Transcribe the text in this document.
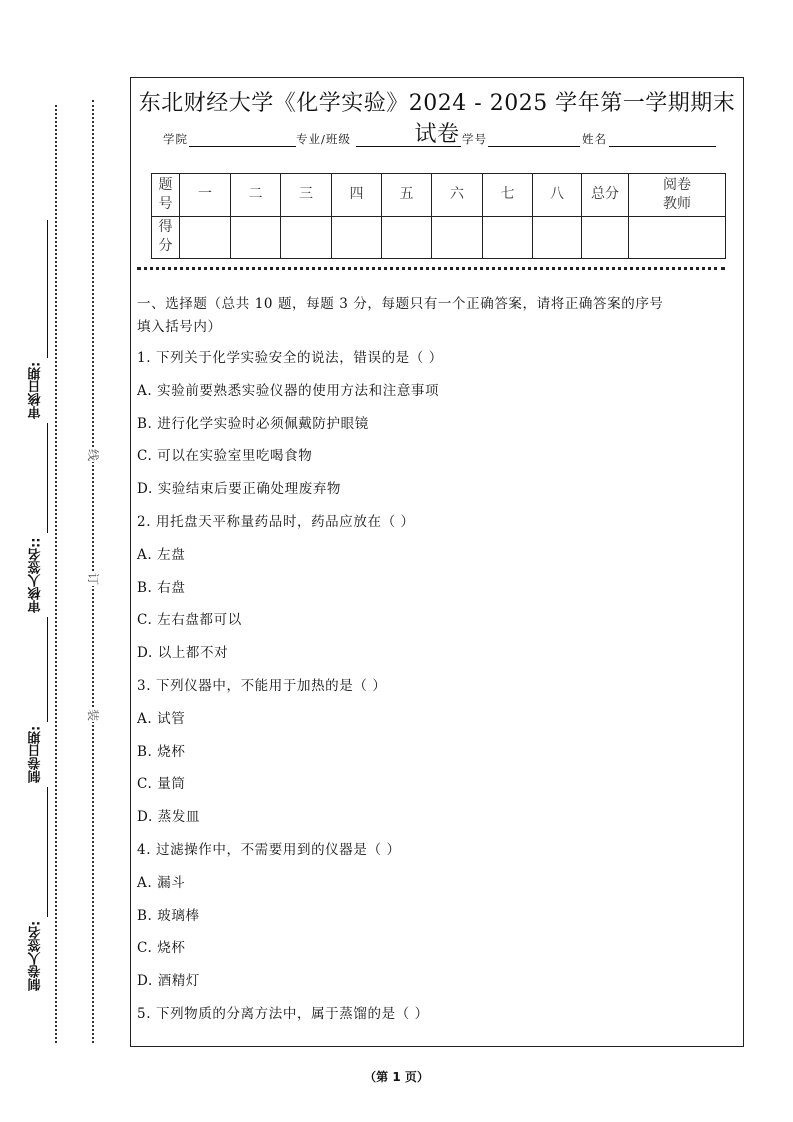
线
订
装
制卷人签名:
制卷日期:
审核人签名::
审核日期:
东北财经大学《化学实验》2024 - 2025 学年第一学期期末试卷
学院	专业/班级	学号	姓名
题
号	一	二	三	四	五	六	七	八	总分	阅卷
教师
得
分										
一、选择题（总共 10 题，每题 3 分，每题只有一个正确答案，请将正确答案的序号
填入括号内）
1. 下列关于化学实验安全的说法，错误的是（ ）
A. 实验前要熟悉实验仪器的使用方法和注意事项
B. 进行化学实验时必须佩戴防护眼镜
C. 可以在实验室里吃喝食物
D. 实验结束后要正确处理废弃物
2. 用托盘天平称量药品时，药品应放在（ ）
A. 左盘
B. 右盘
C. 左右盘都可以
D. 以上都不对
3. 下列仪器中，不能用于加热的是（ ）
A. 试管
B. 烧杯
C. 量筒
D. 蒸发皿
4. 过滤操作中，不需要用到的仪器是（ ）
A. 漏斗
B. 玻璃棒
C. 烧杯
D. 酒精灯
5. 下列物质的分离方法中，属于蒸馏的是（ ）
（第 1 页）
